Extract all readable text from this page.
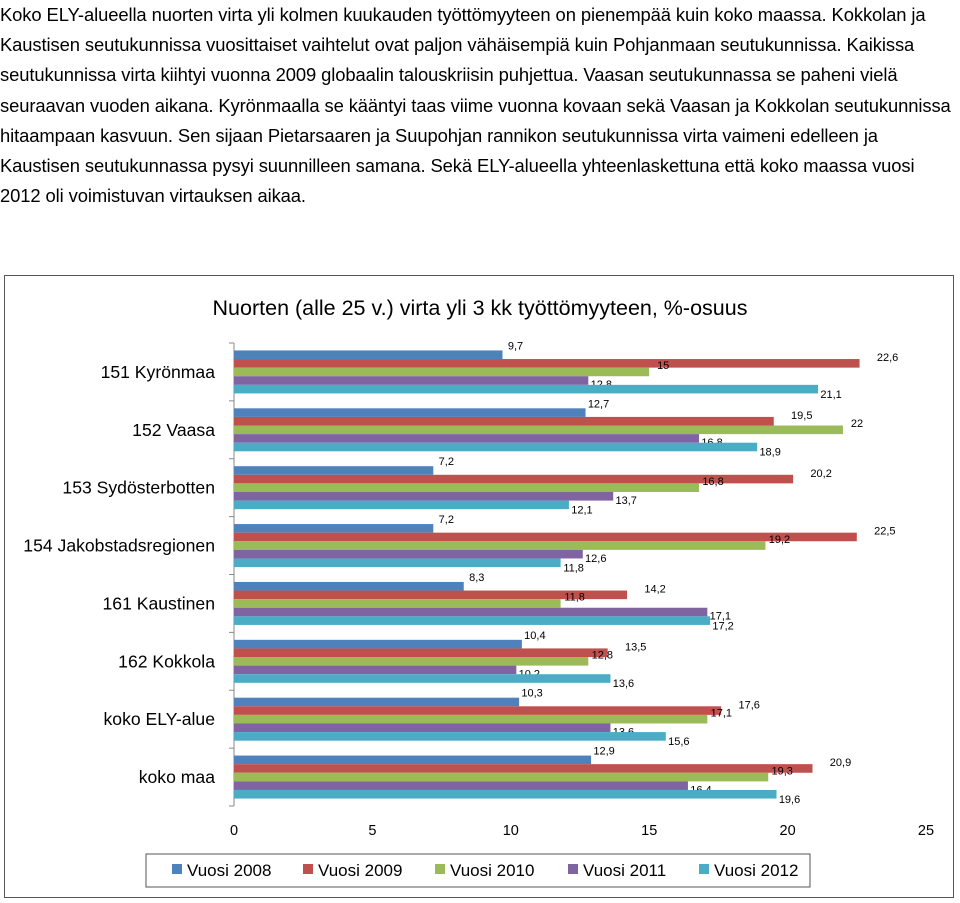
Koko ELY-alueella nuorten virta yli kolmen kuukauden työttömyyteen on pienempää kuin koko maassa. Kokkolan ja Kaustisen seutukunnissa vuosittaiset vaihtelut ovat paljon vähäisempiä kuin Pohjanmaan seutukunnissa. Kaikissa seutukunnissa virta kiihtyi vuonna 2009 globaalin talouskriisin puhjettua. Vaasan seutukunnassa se paheni vielä seuraavan vuoden aikana. Kyrönmaalla se kääntyi taas viime vuonna kovaan sekä Vaasan ja Kokkolan seutukunnissa hitaampaan kasvuun. Sen sijaan Pietarsaaren ja Suupohjan rannikon seutukunnissa virta vaimeni edelleen ja Kaustisen seutukunnassa pysyi suunnilleen samana. Sekä ELY-alueella yhteenlaskettuna että koko maassa vuosi 2012 oli voimistuvan virtauksen aikaa.

Nuorten (alle 25 v.) virta yli 3 kk työttömyyteen, %-osuus
0	5	10	15	20	25
151 Kyrönmaa
9,7
22,6
15
21,1
152 Vaasa
12,7
19,5
22
18,9
153 Sydösterbotten
7,2
20,2
16,8
13,7
12,1
154 Jakobstadsregionen
7,2
22,5
19,2
12,6
11,8
161 Kaustinen
8,3
14,2
11,8
17,1
17,2
162 Kokkola
10,4
13,5
12,8
13,6
koko ELY-alue
10,3
17,6
17,1
15,6
koko maa
12,9
20,9
19,3
19,6
Vuosi 2008	Vuosi 2009	Vuosi 2010	Vuosi 2011	Vuosi 2012
